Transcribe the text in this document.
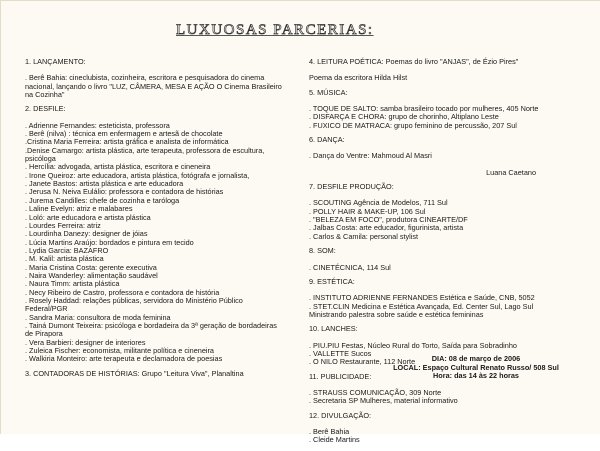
LUXUOSAS PARCERIAS:
1. LANÇAMENTO:
. Berê Bahia: cineclubista, cozinheira, escritora e pesquisadora do cinema nacional, lançando o livro "LUZ, CÂMERA, MESA E AÇÃO O Cinema Brasileiro na Cozinha"
2. DESFILE:
. Adrienne Fernandes: esteticista, professora
. Berê (nilva) : técnica em enfermagem e artesã de chocolate
.Cristina Maria Ferreira: artista gráfica e analista de informática
.Denise Camargo: artista plástica, arte terapeuta, professora de escultura, psicóloga
. Hercília: advogada, artista plástica, escritora e cineneira
. Irone Queiroz: arte educadora, artista plástica, fotógrafa e jornalista,
. Janete Bastos: artista plástica e arte educadora
. Jerusa N. Neiva Eulálio: professora e contadora de histórias
. Jurema Candilles: chefe de cozinha e taróloga
. Laline Evelyn: atriz e malabares
. Loló: arte educadora e artista plástica
. Lourdes Ferreira: atriz
. Lourdinha Danezy: designer de jóias
. Lúcia Martins Araújo: bordados e pintura em tecido
. Lydia Garcia: BAZAFRO
. M. Kalil: artista plástica
. Maria Cristina Costa: gerente executiva
. Naira Wanderley: alimentação saudável
. Naura Timm: artista plástica
. Necy Ribeiro de Castro, professora e contadora de história
. Rosely Haddad: relações públicas, servidora do Ministério Público Federal/PGR
. Sandra Maria: consultora de moda feminina
. Tainá Dumont Teixeira: psicóloga e bordadeira da 3ª geração de bordadeiras de Pirapora
. Vera Barbieri: designer de interiores
. Zuleica Fischer: economista, militante política e cineneira
. Walkiria Monteiro: arte terapeuta e declamadora de poesias
3. CONTADORAS DE HISTÓRIAS: Grupo "Leitura Viva", Planaltina
4. LEITURA POÉTICA: Poemas do livro "ANJAS", de Ézio Pires"
Poema da escritora Hilda Hilst
5. MÚSICA:
. TOQUE DE SALTO: samba brasileiro tocado por mulheres, 405 Norte
. DISFARÇA E CHORA: grupo de chorinho, Altiplano Leste
. FUXICO DE MATRACA: grupo feminino de percussão, 207 Sul
6. DANÇA:
. Dança do Ventre: Mahmoud Al Masri
Luana Caetano
7. DESFILE PRODUÇÃO:
. SCOUTING Agência de Modelos, 711 Sul
. POLLY HAIR & MAKE-UP, 106 Sul
. "BELEZA EM FOCO", produtora CINEARTE/DF
. Jalbas Costa: arte educador, figurinista, artista
. Carlos & Camila: personal stylist
8. SOM:
. CINETÉCNICA, 114 Sul
9. ESTÉTICA:
. INSTITUTO ADRIENNE FERNANDES Estética e Saúde, CNB, 5052
. STET.CLIN Medicina e Estética Avançada, Ed. Center Sul, Lago Sul
Ministrando palestra sobre saúde e estética femininas
10. LANCHES:
. PIU.PIU Festas, Núcleo Rural do Torto, Saída para Sobradinho
. VALLETTE Sucos
. O NILO Restaurante, 112 Norte
11. PUBLICIDADE:
. STRAUSS COMUNICAÇÃO, 309 Norte
. Secretaria SP Mulheres, material informativo
12. DIVULGAÇÃO:
. Berê Bahia
. Cleide Martins
DIA: 08 de março de 2006
LOCAL: Espaço Cultural Renato Russo/ 508 Sul
Hora: das 14 às 22 horas
